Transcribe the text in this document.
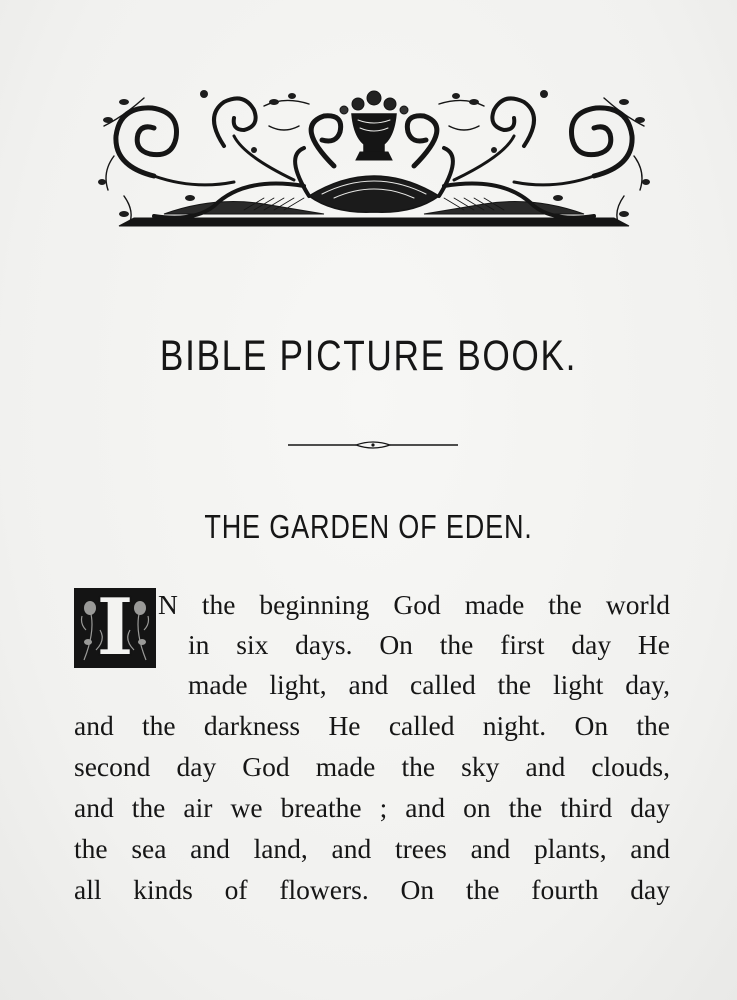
BIBLE PICTURE BOOK.
THE GARDEN OF EDEN.
I N the beginning God made the world
in six days. On the first day He
made light, and called the light day,
and the darkness He called night. On the
second day God made the sky and clouds,
and the air we breathe ; and on the third day
the sea and land, and trees and plants, and
all kinds of flowers. On the fourth day
